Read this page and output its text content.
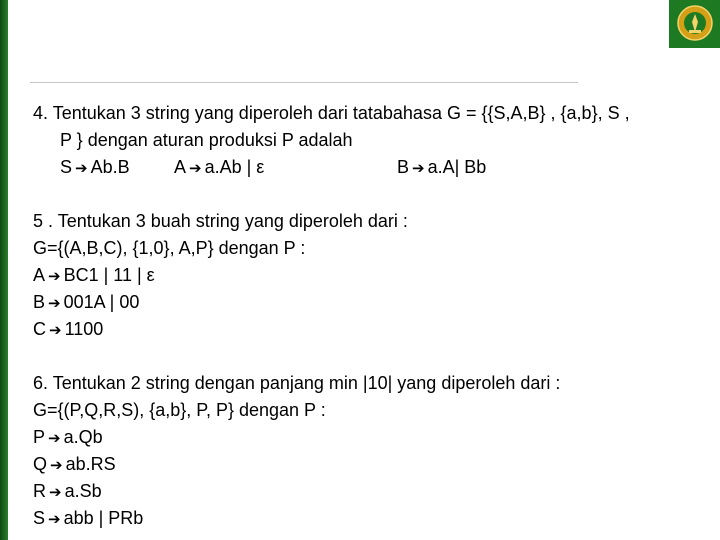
4. Tentukan 3 string yang diperoleh dari tatabahasa G = {{S,A,B} , {a,b}, S ,
P } dengan aturan produksi P adalah
S ➔ Ab.B A ➔ a.Ab | ε	B ➔ a.A| Bb
5 . Tentukan 3 buah string yang diperoleh dari :
G={(A,B,C), {1,0}, A,P} dengan P :
A ➔ BC1 | 11 | ε
B ➔ 001A | 00
C ➔ 1100
6. Tentukan 2 string dengan panjang min |10| yang diperoleh dari :
G={(P,Q,R,S), {a,b}, P, P} dengan P :
P ➔ a.Qb
Q ➔ ab.RS
R ➔ a.Sb
S ➔ abb | PRb
